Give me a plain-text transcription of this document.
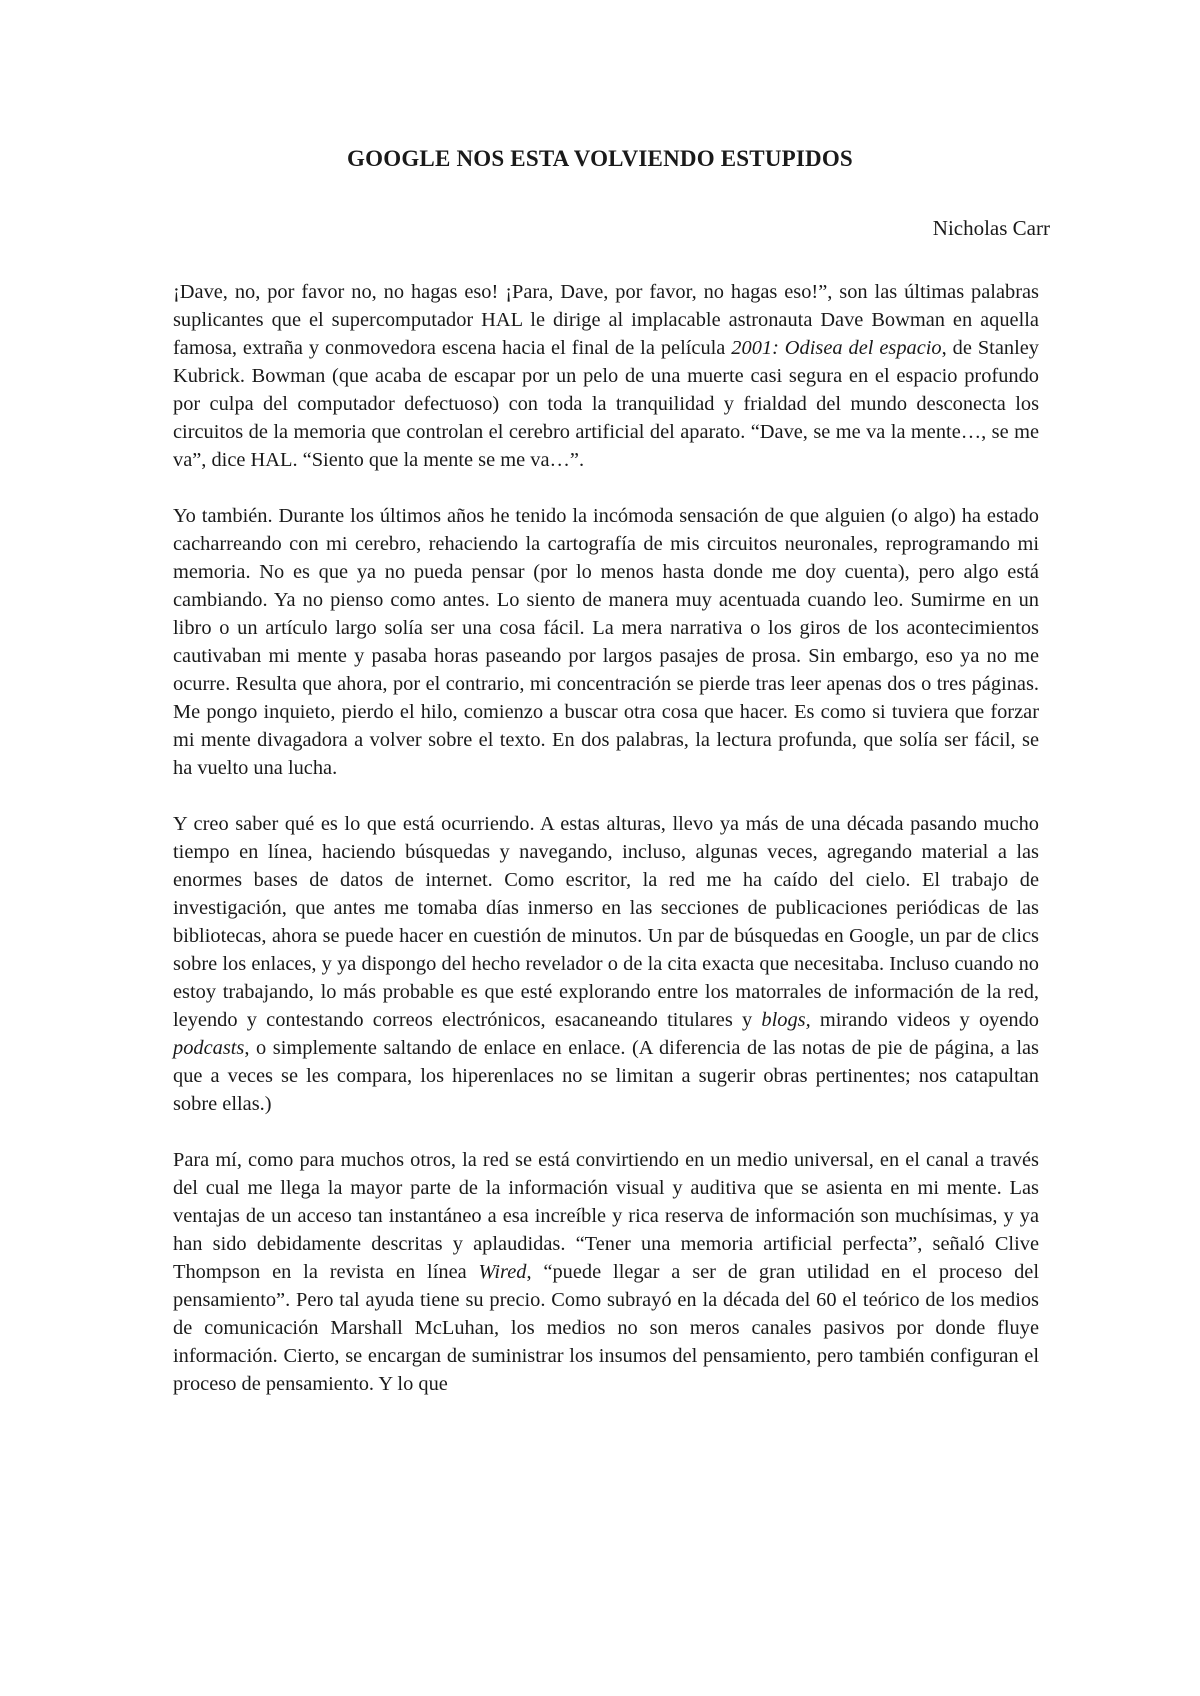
GOOGLE NOS ESTA VOLVIENDO ESTUPIDOS

Nicholas Carr

¡Dave, no, por favor no, no hagas eso! ¡Para, Dave, por favor, no hagas eso!”, son las últimas palabras suplicantes que el supercomputador HAL le dirige al implacable astronauta Dave Bowman en aquella famosa, extraña y conmovedora escena hacia el final de la película 2001: Odisea del espacio, de Stanley Kubrick. Bowman (que acaba de escapar por un pelo de una muerte casi segura en el espacio profundo por culpa del computador defectuoso) con toda la tranquilidad y frialdad del mundo desconecta los circuitos de la memoria que controlan el cerebro artificial del aparato. “Dave, se me va la mente…, se me va”, dice HAL. “Siento que la mente se me va…”.

Yo también. Durante los últimos años he tenido la incómoda sensación de que alguien (o algo) ha estado cacharreando con mi cerebro, rehaciendo la cartografía de mis circuitos neuronales, reprogramando mi memoria. No es que ya no pueda pensar (por lo menos hasta donde me doy cuenta), pero algo está cambiando. Ya no pienso como antes. Lo siento de manera muy acentuada cuando leo. Sumirme en un libro o un artículo largo solía ser una cosa fácil. La mera narrativa o los giros de los acontecimientos cautivaban mi mente y pasaba horas paseando por largos pasajes de prosa. Sin embargo, eso ya no me ocurre. Resulta que ahora, por el contrario, mi concentración se pierde tras leer apenas dos o tres páginas. Me pongo inquieto, pierdo el hilo, comienzo a buscar otra cosa que hacer. Es como si tuviera que forzar mi mente divagadora a volver sobre el texto. En dos palabras, la lectura profunda, que solía ser fácil, se ha vuelto una lucha.

Y creo saber qué es lo que está ocurriendo. A estas alturas, llevo ya más de una década pasando mucho tiempo en línea, haciendo búsquedas y navegando, incluso, algunas veces, agregando material a las enormes bases de datos de internet. Como escritor, la red me ha caído del cielo. El trabajo de investigación, que antes me tomaba días inmerso en las secciones de publicaciones periódicas de las bibliotecas, ahora se puede hacer en cuestión de minutos. Un par de búsquedas en Google, un par de clics sobre los enlaces, y ya dispongo del hecho revelador o de la cita exacta que necesitaba. Incluso cuando no estoy trabajando, lo más probable es que esté explorando entre los matorrales de información de la red, leyendo y contestando correos electrónicos, esacaneando titulares y blogs, mirando videos y oyendo podcasts, o simplemente saltando de enlace en enlace. (A diferencia de las notas de pie de página, a las que a veces se les compara, los hiperenlaces no se limitan a sugerir obras pertinentes; nos catapultan sobre ellas.)

Para mí, como para muchos otros, la red se está convirtiendo en un medio universal, en el canal a través del cual me llega la mayor parte de la información visual y auditiva que se asienta en mi mente. Las ventajas de un acceso tan instantáneo a esa increíble y rica reserva de información son muchísimas, y ya han sido debidamente descritas y aplaudidas. “Tener una memoria artificial perfecta”, señaló Clive Thompson en la revista en línea Wired, “puede llegar a ser de gran utilidad en el proceso del pensamiento”. Pero tal ayuda tiene su precio. Como subrayó en la década del 60 el teórico de los medios de comunicación Marshall McLuhan, los medios no son meros canales pasivos por donde fluye información. Cierto, se encargan de suministrar los insumos del pensamiento, pero también configuran el proceso de pensamiento. Y lo que
